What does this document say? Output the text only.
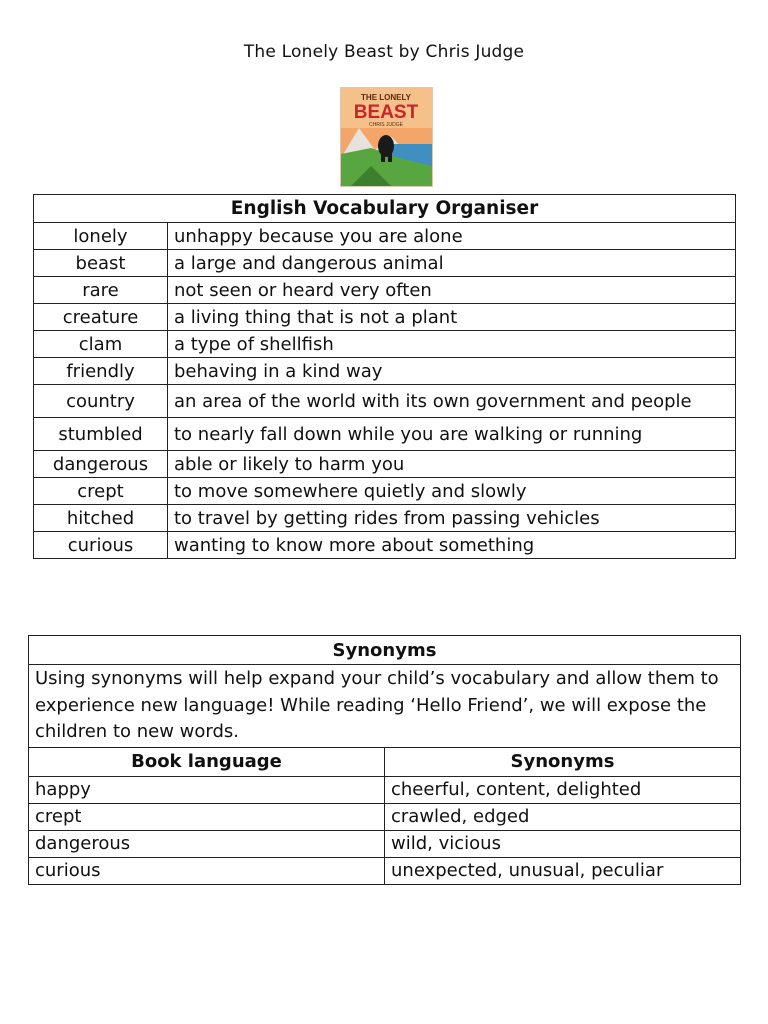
The Lonely Beast by Chris Judge
THE LONELY
BEAST
CHRIS JUDGE
English Vocabulary Organiser	
lonely	unhappy because you are alone
beast	a large and dangerous animal
rare	not seen or heard very often
creature	a living thing that is not a plant
clam	a type of shellfish
friendly	behaving in a kind way
country	an area of the world with its own government and people
stumbled	to nearly fall down while you are walking or running
dangerous	able or likely to harm you
crept	to move somewhere quietly and slowly
hitched	to travel by getting rides from passing vehicles
curious	wanting to know more about something
Synonyms	
Using synonyms will help expand your child’s vocabulary and allow them to experience new language! While reading ‘Hello Friend’, we will expose the children to new words.	
Book language	Synonyms
happy	cheerful, content, delighted
crept	crawled, edged
dangerous	wild, vicious
curious	unexpected, unusual, peculiar
